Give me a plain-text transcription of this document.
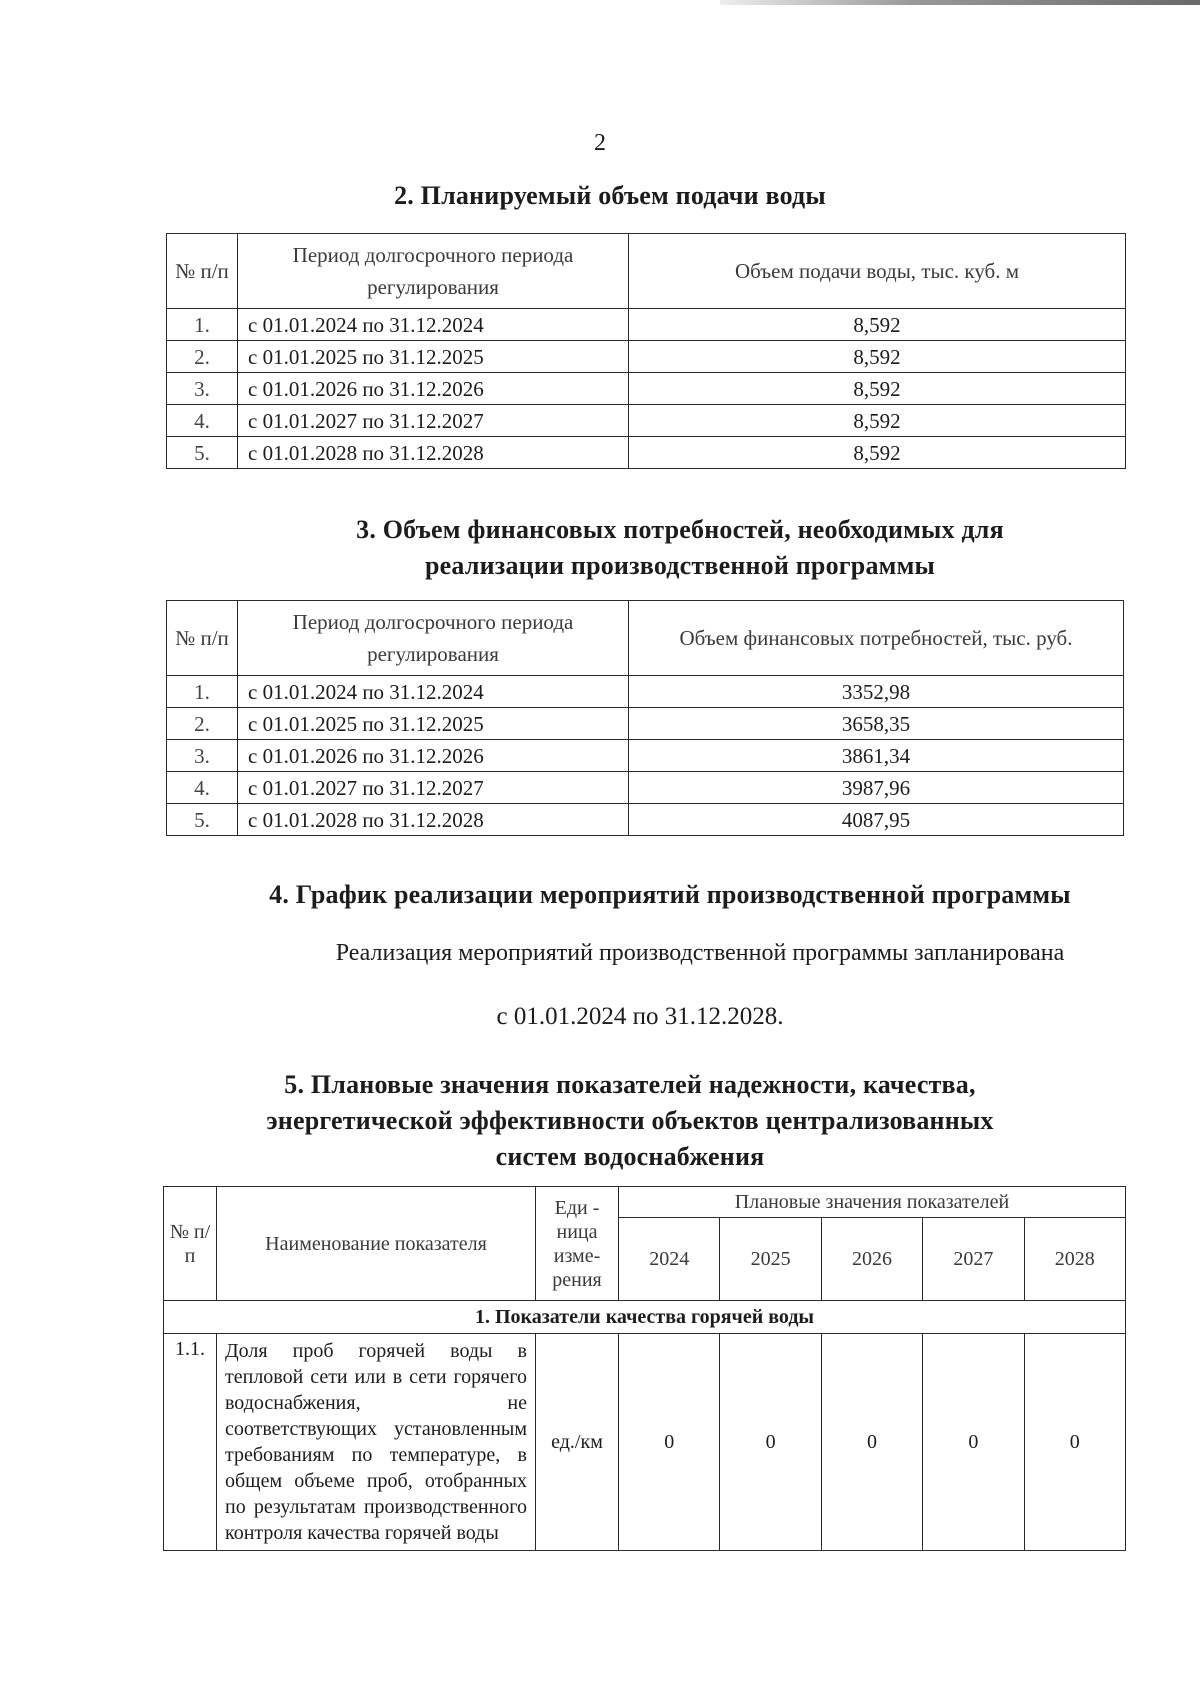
2
2. Планируемый объем подачи воды
№ п/п	Период долгосрочного периода регулирования	Объем подачи воды, тыс. куб. м
1.	с 01.01.2024 по 31.12.2024	8,592
2.	с 01.01.2025 по 31.12.2025	8,592
3.	с 01.01.2026 по 31.12.2026	8,592
4.	с 01.01.2027 по 31.12.2027	8,592
5.	с 01.01.2028 по 31.12.2028	8,592
3. Объем финансовых потребностей, необходимых для
реализации производственной программы
№ п/п	Период долгосрочного периода регулирования	Объем финансовых потребностей, тыс. руб.
1.	с 01.01.2024 по 31.12.2024	3352,98
2.	с 01.01.2025 по 31.12.2025	3658,35
3.	с 01.01.2026 по 31.12.2026	3861,34
4.	с 01.01.2027 по 31.12.2027	3987,96
5.	с 01.01.2028 по 31.12.2028	4087,95
4. График реализации мероприятий производственной программы

Реализация мероприятий производственной программы запланирована

с 01.01.2024 по 31.12.2028.

5. Плановые значения показателей надежности, качества,
энергетической эффективности объектов централизованных
систем водоснабжения
№ п/п	Наименование показателя	Еди - ница изме- рения	Плановые значения показателей				
			2024	2025	2026	2027	2028
1. Показатели качества горячей воды							
1.1.	Доля проб горячей воды в тепловой сети или в сети горячего водоснабжения, не соответствующих установленным требованиям по температуре, в общем объеме проб, отобранных по результатам производственного контроля качества горячей воды	ед./км	0	0	0	0	0
